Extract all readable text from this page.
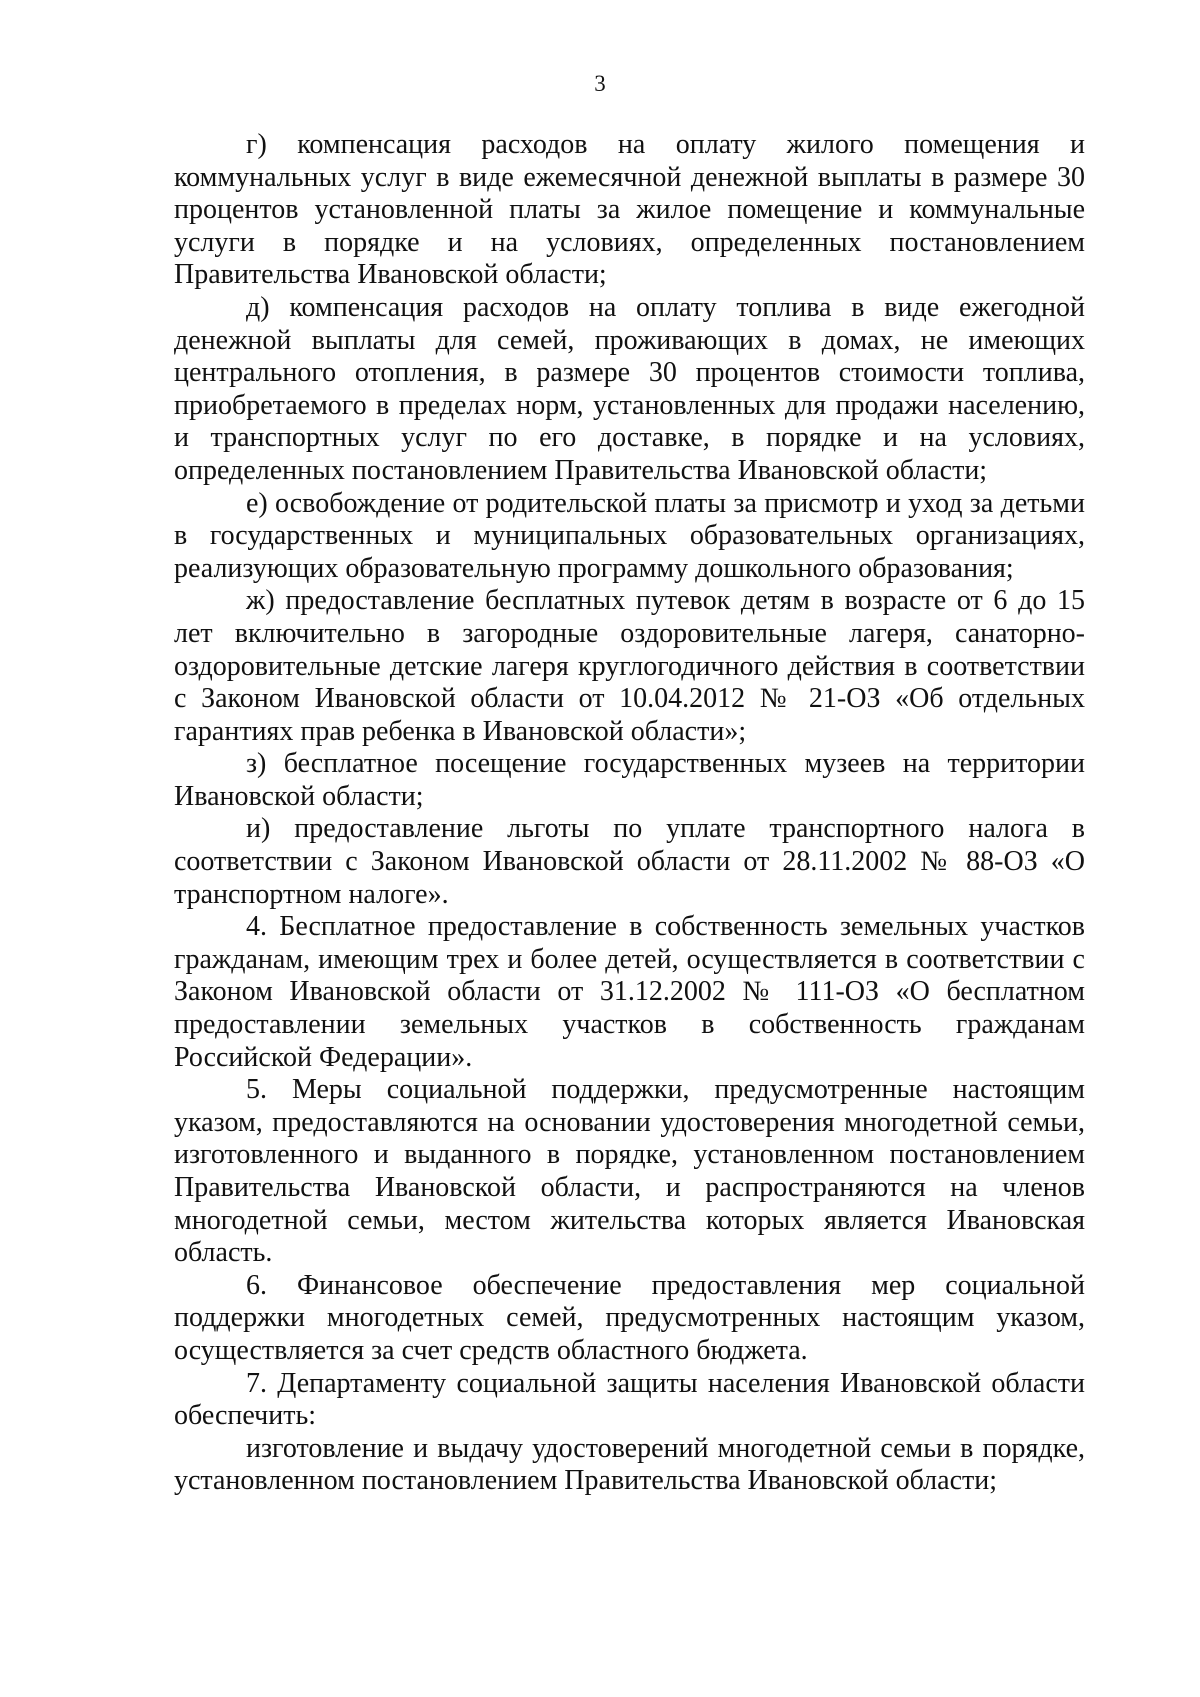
3

г) компенсация расходов на оплату жилого помещения и коммунальных услуг в виде ежемесячной денежной выплаты в размере 30 процентов установленной платы за жилое помещение и коммунальные услуги в порядке и на условиях, определенных постановлением Правительства Ивановской области;

д) компенсация расходов на оплату топлива в виде ежегодной денежной выплаты для семей, проживающих в домах, не имеющих центрального отопления, в размере 30 процентов стоимости топлива, приобретаемого в пределах норм, установленных для продажи населению, и транспортных услуг по его доставке, в порядке и на условиях, определенных постановлением Правительства Ивановской области;

е) освобождение от родительской платы за присмотр и уход за детьми в государственных и муниципальных образовательных организациях, реализующих образовательную программу дошкольного образования;

ж) предоставление бесплатных путевок детям в возрасте от 6 до 15 лет включительно в загородные оздоровительные лагеря, санаторно-оздоровительные детские лагеря круглогодичного действия в соответствии с Законом Ивановской области от 10.04.2012 № 21-ОЗ «Об отдельных гарантиях прав ребенка в Ивановской области»;

з) бесплатное посещение государственных музеев на территории Ивановской области;

и) предоставление льготы по уплате транспортного налога в соответствии с Законом Ивановской области от 28.11.2002 № 88-ОЗ «О транспортном налоге».

4. Бесплатное предоставление в собственность земельных участков гражданам, имеющим трех и более детей, осуществляется в соответствии с Законом Ивановской области от 31.12.2002 № 111-ОЗ «О бесплатном предоставлении земельных участков в собственность гражданам Российской Федерации».

5. Меры социальной поддержки, предусмотренные настоящим указом, предоставляются на основании удостоверения многодетной семьи, изготовленного и выданного в порядке, установленном постановлением Правительства Ивановской области, и распространяются на членов многодетной семьи, местом жительства которых является Ивановская область.

6. Финансовое обеспечение предоставления мер социальной поддержки многодетных семей, предусмотренных настоящим указом, осуществляется за счет средств областного бюджета.

7. Департаменту социальной защиты населения Ивановской области обеспечить:

изготовление и выдачу удостоверений многодетной семьи в порядке, установленном постановлением Правительства Ивановской области;
